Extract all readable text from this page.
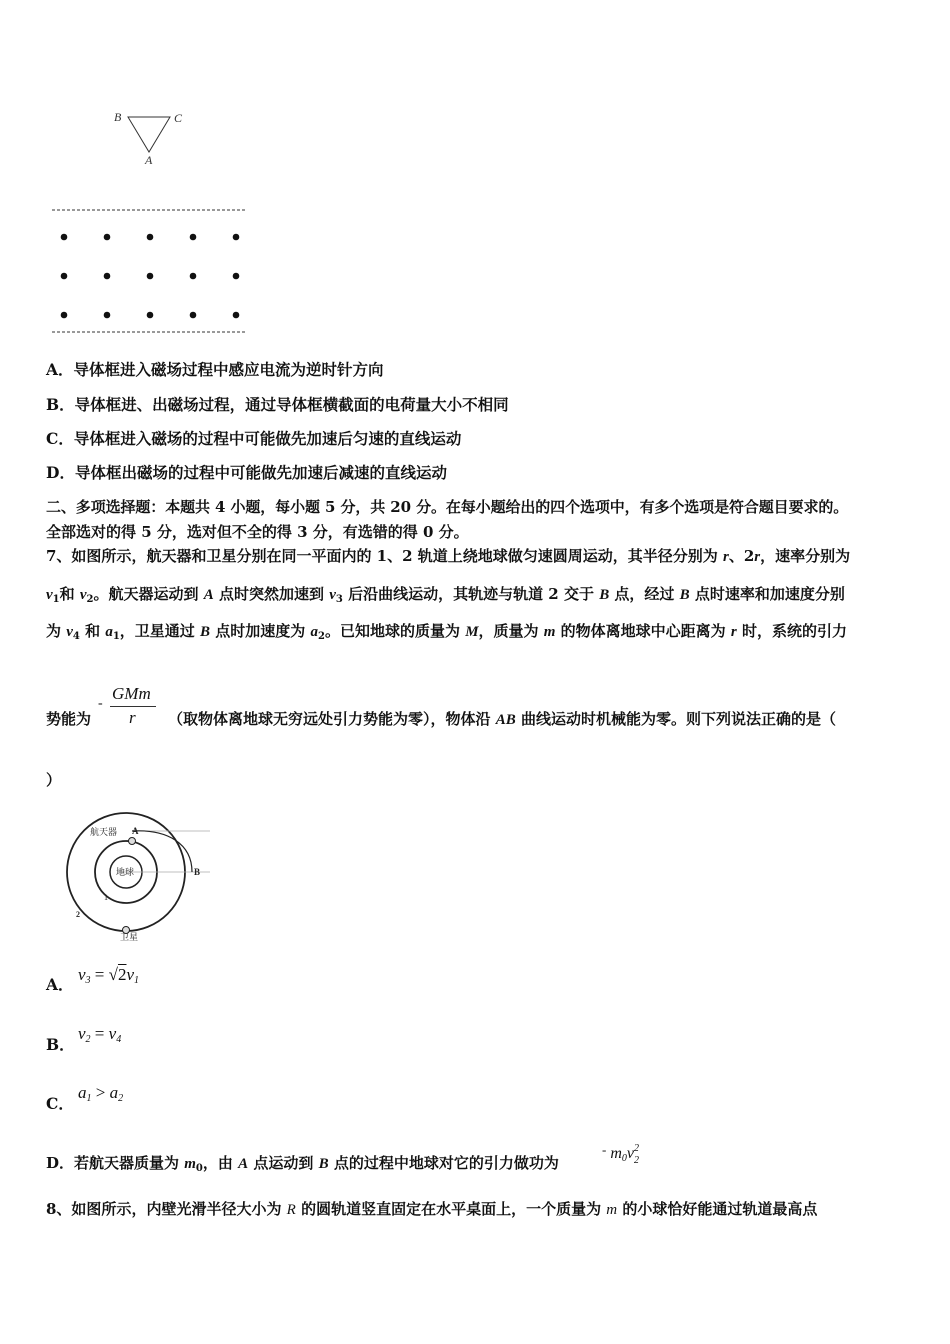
B	C
A
A．导体框进入磁场过程中感应电流为逆时针方向
B．导体框进、出磁场过程，通过导体框横截面的电荷量大小不相同
C．导体框进入磁场的过程中可能做先加速后匀速的直线运动
D．导体框出磁场的过程中可能做先加速后减速的直线运动
二、多项选择题：本题共 4 小题，每小题 5 分，共 20 分。在每小题给出的四个选项中，有多个选项是符合题目要求的。
全部选对的得 5 分，选对但不全的得 3 分，有选错的得 0 分。
7、如图所示，航天器和卫星分别在同一平面内的 1、2 轨道上绕地球做匀速圆周运动，其半径分别为 r、2r，速率分别为
$v_1$和 $v_2$。航天器运动到 A 点时突然加速到 $v_3$ 后沿曲线运动，其轨迹与轨道 2 交于 B 点，经过 B 点时速率和加速度分别
为 $v_4$ 和 $a_1$，卫星通过 B 点时加速度为 $a_2$。已知地球的质量为 M，质量为 m 的物体离地球中心距离为 r 时，系统的引力
势能为
-
GMm
r （取物体离地球无穷远处引力势能为零），物体沿 AB 曲线运动时机械能为零。则下列说法正确的是（
）
航天器 A
地球	B
1
2
卫星
A．
$v_3 = √2v_1$
B．
$v_2 = v_4$
C．
$a_1 > a_2$
D．若航天器质量为 $m_0$，由 A 点运动到 B 点的过程中地球对它的引力做功为
- $m_0v$ 2
2
8、如图所示，内壁光滑半径大小为 R 的圆轨道竖直固定在水平桌面上，一个质量为 m 的小球恰好能通过轨道最高点
